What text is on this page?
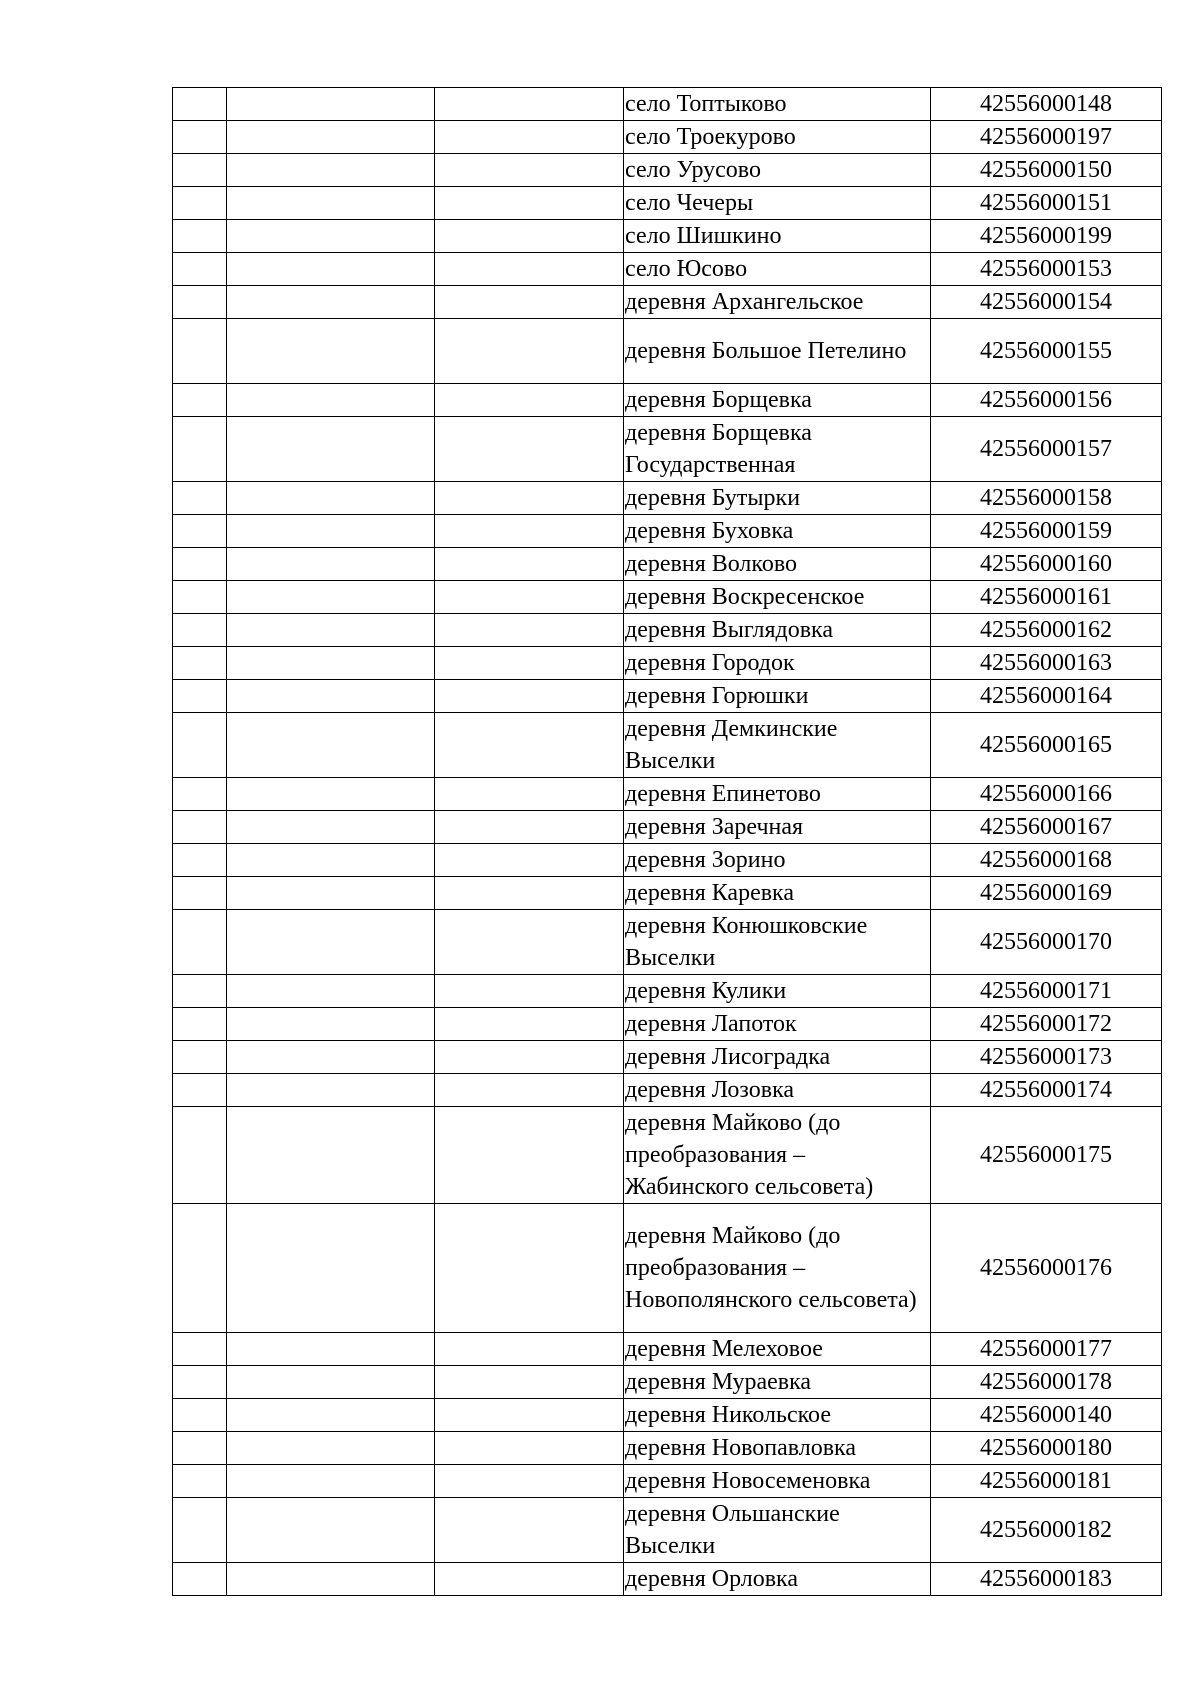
			село Топтыково	42556000148

			село Троекурово	42556000197

			село Урусово	42556000150

			село Чечеры	42556000151

			село Шишкино	42556000199

			село Юсово	42556000153

			деревня Архангельское	42556000154

			деревня Большое Петелино	42556000155

			деревня Борщевка	42556000156

			деревня Борщевка Государственная	42556000157

			деревня Бутырки	42556000158

			деревня Буховка	42556000159

			деревня Волково	42556000160

			деревня Воскресенское	42556000161

			деревня Выглядовка	42556000162

			деревня Городок	42556000163

			деревня Горюшки	42556000164

			деревня Демкинские Выселки	42556000165

			деревня Епинетово	42556000166

			деревня Заречная	42556000167

			деревня Зорино	42556000168

			деревня Каревка	42556000169

			деревня Конюшковские Выселки	42556000170

			деревня Кулики	42556000171

			деревня Лапоток	42556000172

			деревня Лисоградка	42556000173

			деревня Лозовка	42556000174

			деревня Майково (до преобразования – Жабинского сельсовета)	42556000175

			деревня Майково (до преобразования – Новополянского сельсовета)	42556000176

			деревня Мелеховое	42556000177

			деревня Мураевка	42556000178

			деревня Никольское	42556000140

			деревня Новопавловка	42556000180

			деревня Новосеменовка	42556000181

			деревня Ольшанские Выселки	42556000182

			деревня Орловка	42556000183
